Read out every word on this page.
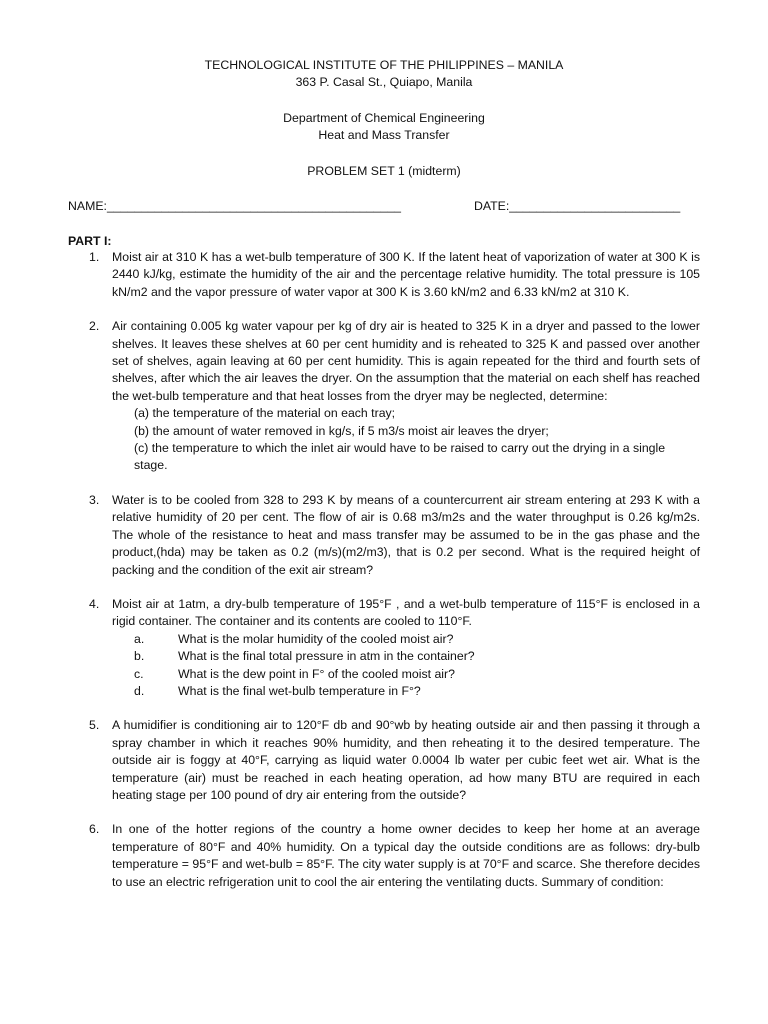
TECHNOLOGICAL INSTITUTE OF THE PHILIPPINES – MANILA
363 P. Casal St., Quiapo, Manila
Department of Chemical Engineering
Heat and Mass Transfer
PROBLEM SET 1 (midterm)
NAME:___________________________________________	DATE:_________________________
PART I:
1. Moist air at 310 K has a wet-bulb temperature of 300 K. If the latent heat of vaporization of water at 300 K is 2440 kJ/kg, estimate the humidity of the air and the percentage relative humidity. The total pressure is 105 kN/m2 and the vapor pressure of water vapor at 300 K is 3.60 kN/m2 and 6.33 kN/m2 at 310 K.

2. Air containing 0.005 kg water vapour per kg of dry air is heated to 325 K in a dryer and passed to the lower shelves. It leaves these shelves at 60 per cent humidity and is reheated to 325 K and passed over another set of shelves, again leaving at 60 per cent humidity. This is again repeated for the third and fourth sets of shelves, after which the air leaves the dryer. On the assumption that the material on each shelf has reached the wet-bulb temperature and that heat losses from the dryer may be neglected, determine:

(a) the temperature of the material on each tray;

(b) the amount of water removed in kg/s, if 5 m3/s moist air leaves the dryer;

(c) the temperature to which the inlet air would have to be raised to carry out the drying in a single stage.

3. Water is to be cooled from 328 to 293 K by means of a countercurrent air stream entering at 293 K with a relative humidity of 20 per cent. The flow of air is 0.68 m3/m2s and the water throughput is 0.26 kg/m2s. The whole of the resistance to heat and mass transfer may be assumed to be in the gas phase and the product,(hda) may be taken as 0.2 (m/s)(m2/m3), that is 0.2 per second. What is the required height of packing and the condition of the exit air stream?

4. Moist air at 1atm, a dry-bulb temperature of 195°F , and a wet-bulb temperature of 115°F is enclosed in a rigid container. The container and its contents are cooled to 110°F.

a.	What is the molar humidity of the cooled moist air?
b.	What is the final total pressure in atm in the container?
c.	What is the dew point in F° of the cooled moist air?
d.	What is the final wet-bulb temperature in F°?
5. A humidifier is conditioning air to 120°F db and 90°wb by heating outside air and then passing it through a spray chamber in which it reaches 90% humidity, and then reheating it to the desired temperature. The outside air is foggy at 40°F, carrying as liquid water 0.0004 lb water per cubic feet wet air. What is the temperature (air) must be reached in each heating operation, ad how many BTU are required in each heating stage per 100 pound of dry air entering from the outside?

6. In one of the hotter regions of the country a home owner decides to keep her home at an average temperature of 80°F and 40% humidity. On a typical day the outside conditions are as follows: dry-bulb temperature = 95°F and wet-bulb = 85°F. The city water supply is at 70°F and scarce. She therefore decides to use an electric refrigeration unit to cool the air entering the ventilating ducts. Summary of condition:
